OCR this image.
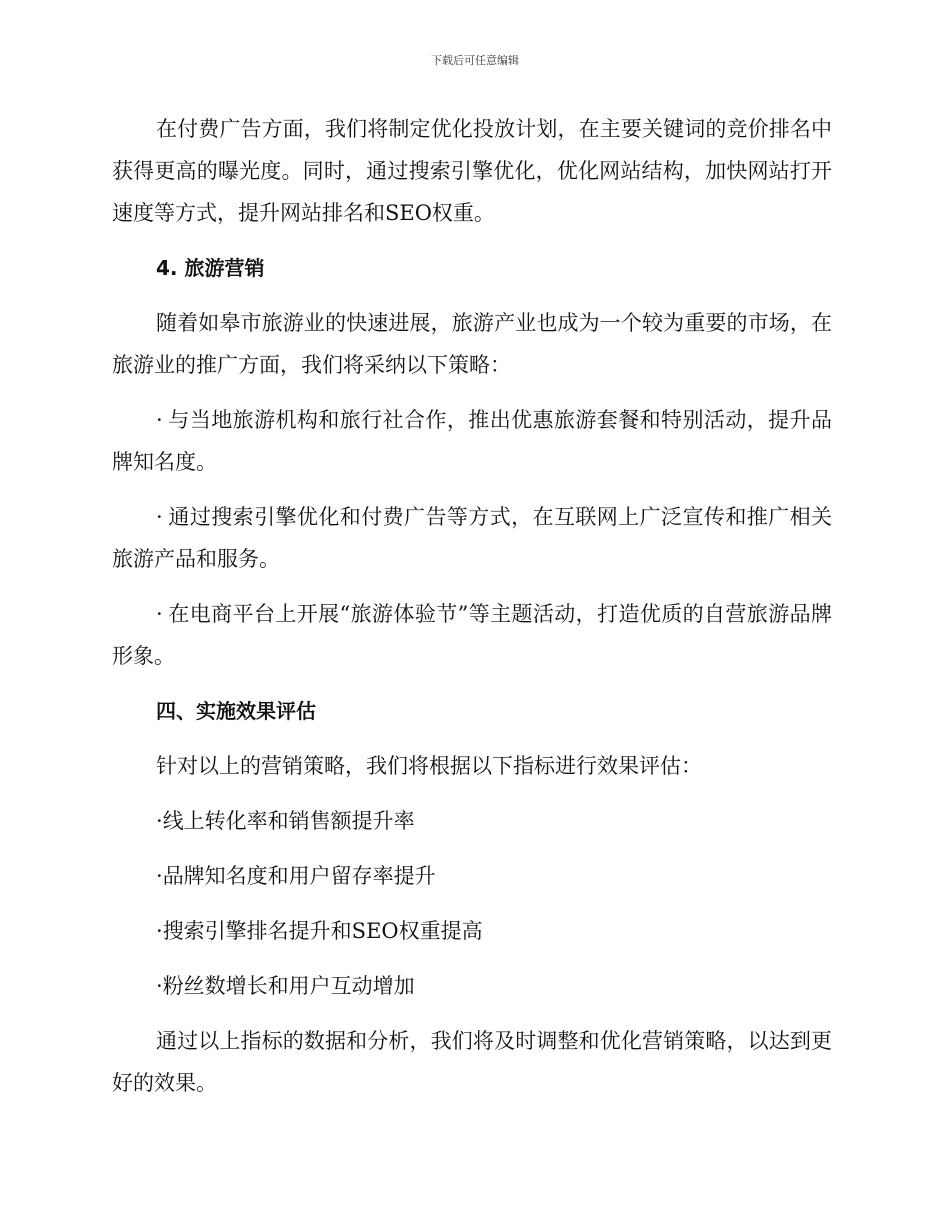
下载后可任意编辑

在付费广告方面，我们将制定优化投放计划，在主要关键词的竞价排名中获得更高的曝光度。同时，通过搜索引擎优化，优化网站结构，加快网站打开速度等方式，提升网站排名和SEO权重。

4. 旅游营销

随着如皋市旅游业的快速进展，旅游产业也成为一个较为重要的市场，在旅游业的推广方面，我们将采纳以下策略：

· 与当地旅游机构和旅行社合作，推出优惠旅游套餐和特别活动，提升品牌知名度。

· 通过搜索引擎优化和付费广告等方式，在互联网上广泛宣传和推广相关旅游产品和服务。

· 在电商平台上开展“旅游体验节”等主题活动，打造优质的自营旅游品牌形象。

四、实施效果评估

针对以上的营销策略，我们将根据以下指标进行效果评估：

·线上转化率和销售额提升率
·品牌知名度和用户留存率提升
·搜索引擎排名提升和SEO权重提高
·粉丝数增长和用户互动增加

通过以上指标的数据和分析，我们将及时调整和优化营销策略，以达到更好的效果。
